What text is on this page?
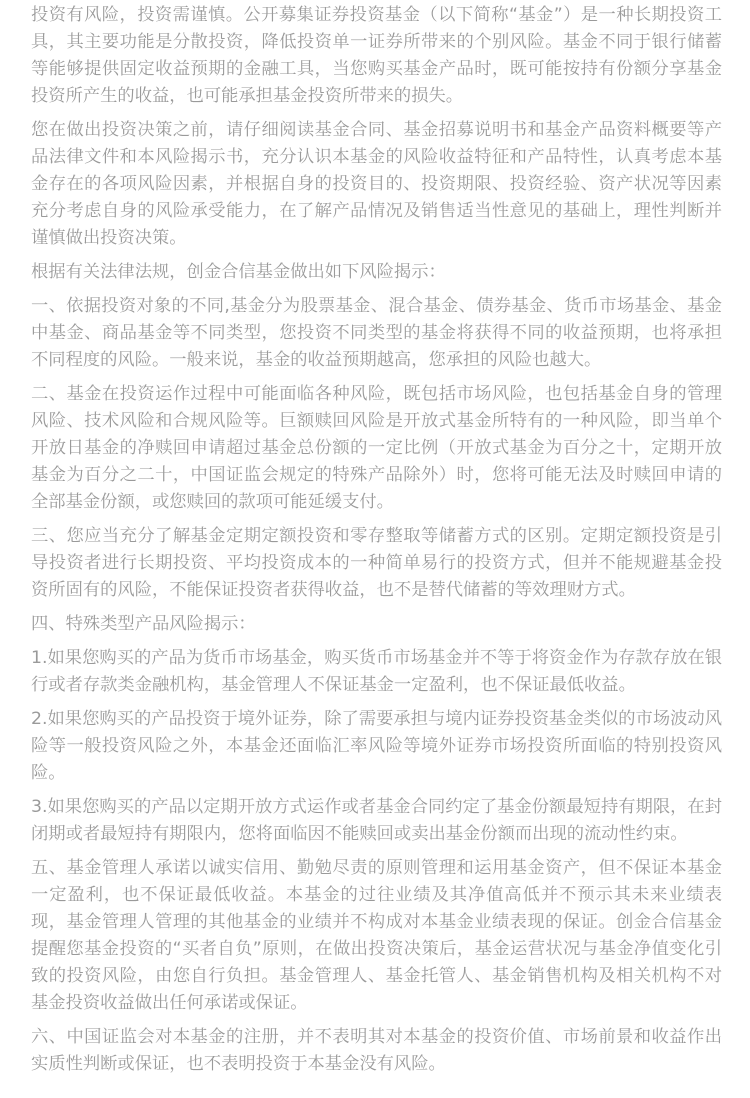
投资有风险，投资需谨慎。公开募集证券投资基金（以下简称“基金”）是一种长期投资工具，其主要功能是分散投资，降低投资单一证券所带来的个别风险。基金不同于银行储蓄等能够提供固定收益预期的金融工具，当您购买基金产品时，既可能按持有份额分享基金投资所产生的收益，也可能承担基金投资所带来的损失。

您在做出投资决策之前，请仔细阅读基金合同、基金招募说明书和基金产品资料概要等产品法律文件和本风险揭示书，充分认识本基金的风险收益特征和产品特性，认真考虑本基金存在的各项风险因素，并根据自身的投资目的、投资期限、投资经验、资产状况等因素充分考虑自身的风险承受能力，在了解产品情况及销售适当性意见的基础上，理性判断并谨慎做出投资决策。

根据有关法律法规，创金合信基金做出如下风险揭示：

一、依据投资对象的不同,基金分为股票基金、混合基金、债券基金、货币市场基金、基金中基金、商品基金等不同类型，您投资不同类型的基金将获得不同的收益预期，也将承担不同程度的风险。一般来说，基金的收益预期越高，您承担的风险也越大。

二、基金在投资运作过程中可能面临各种风险，既包括市场风险，也包括基金自身的管理风险、技术风险和合规风险等。巨额赎回风险是开放式基金所特有的一种风险，即当单个开放日基金的净赎回申请超过基金总份额的一定比例（开放式基金为百分之十，定期开放基金为百分之二十，中国证监会规定的特殊产品除外）时，您将可能无法及时赎回申请的全部基金份额，或您赎回的款项可能延缓支付。

三、您应当充分了解基金定期定额投资和零存整取等储蓄方式的区别。定期定额投资是引导投资者进行长期投资、平均投资成本的一种简单易行的投资方式，但并不能规避基金投资所固有的风险，不能保证投资者获得收益，也不是替代储蓄的等效理财方式。

四、特殊类型产品风险揭示：

1.如果您购买的产品为货币市场基金，购买货币市场基金并不等于将资金作为存款存放在银行或者存款类金融机构，基金管理人不保证基金一定盈利，也不保证最低收益。

2.如果您购买的产品投资于境外证券，除了需要承担与境内证券投资基金类似的市场波动风险等一般投资风险之外，本基金还面临汇率风险等境外证券市场投资所面临的特别投资风险。

3.如果您购买的产品以定期开放方式运作或者基金合同约定了基金份额最短持有期限，在封闭期或者最短持有期限内，您将面临因不能赎回或卖出基金份额而出现的流动性约束。

五、基金管理人承诺以诚实信用、勤勉尽责的原则管理和运用基金资产，但不保证本基金一定盈利，也不保证最低收益。本基金的过往业绩及其净值高低并不预示其未来业绩表现，基金管理人管理的其他基金的业绩并不构成对本基金业绩表现的保证。创金合信基金提醒您基金投资的“买者自负”原则，在做出投资决策后，基金运营状况与基金净值变化引致的投资风险，由您自行负担。基金管理人、基金托管人、基金销售机构及相关机构不对基金投资收益做出任何承诺或保证。

六、中国证监会对本基金的注册，并不表明其对本基金的投资价值、市场前景和收益作出实质性判断或保证，也不表明投资于本基金没有风险。
